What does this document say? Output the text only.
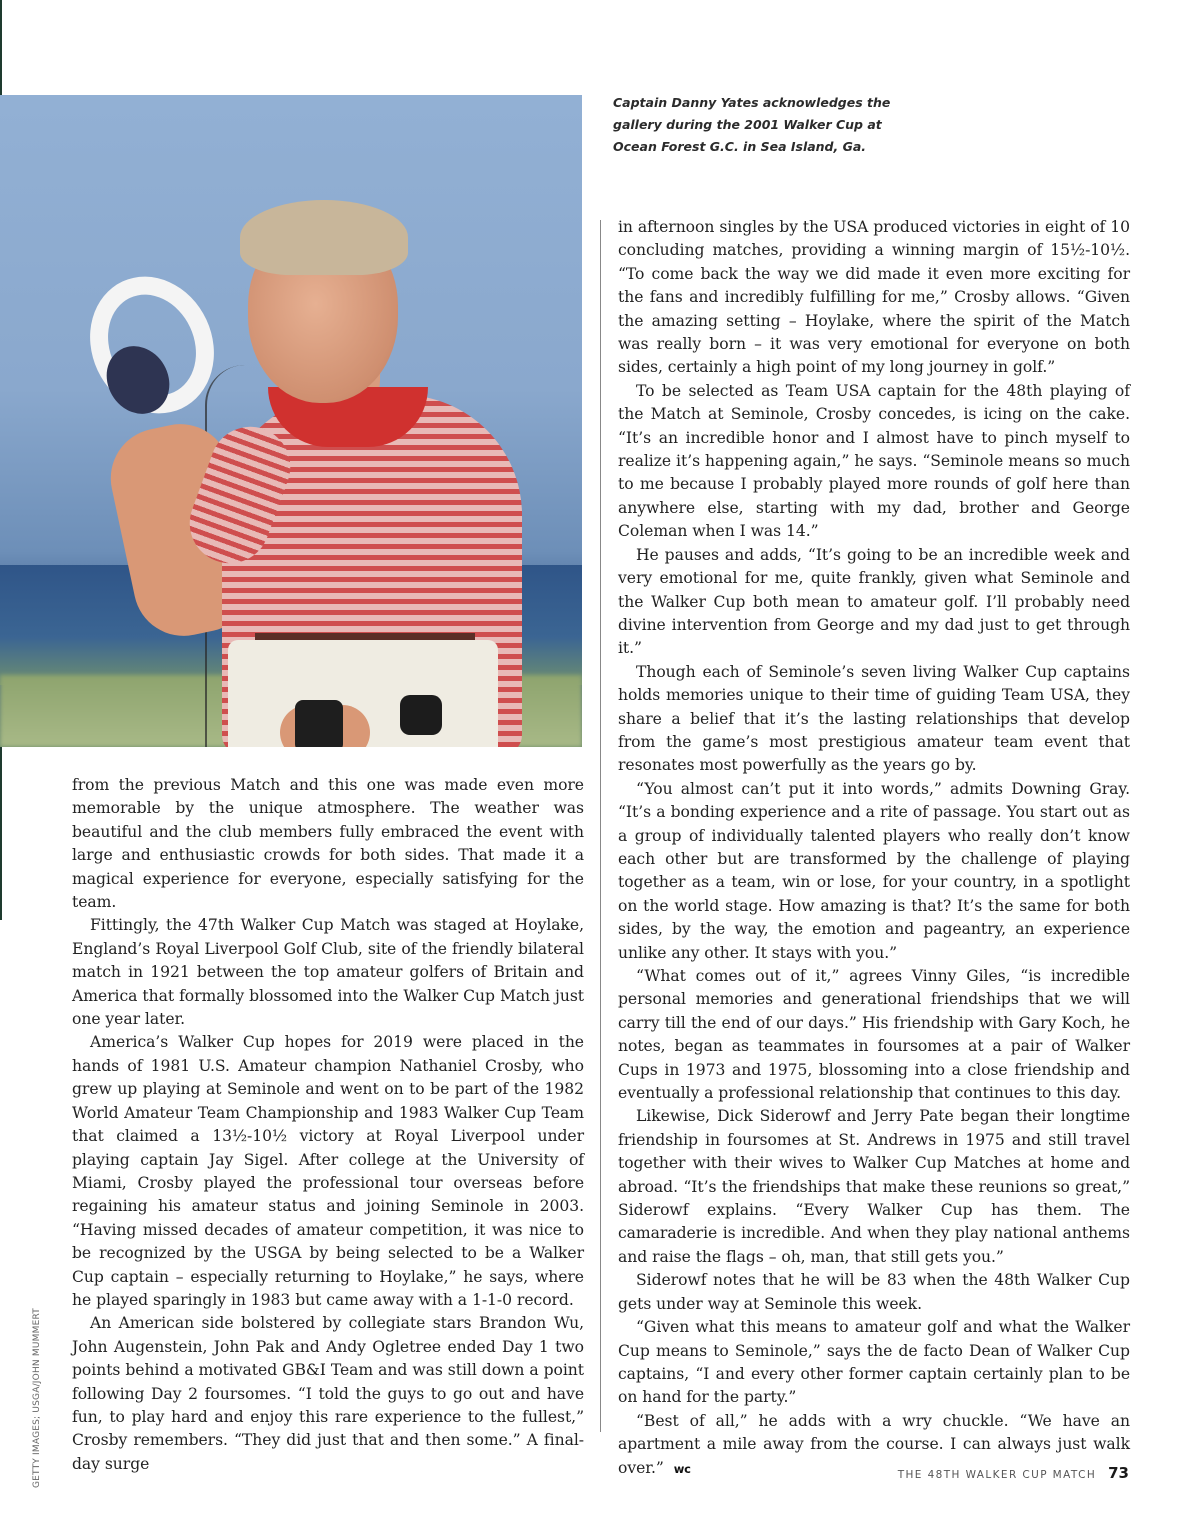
Captain Danny Yates acknowledges the gallery during the 2001 Walker Cup at Ocean Forest G.C. in Sea Island, Ga.

GETTY IMAGES; USGA/JOHN MUMMERT

from the previous Match and this one was made even more memorable by the unique atmosphere. The weather was beautiful and the club members fully embraced the event with large and enthusiastic crowds for both sides. That made it a magical experience for everyone, especially satisfying for the team.

Fittingly, the 47th Walker Cup Match was staged at Hoylake, England’s Royal Liverpool Golf Club, site of the friendly bilateral match in 1921 between the top amateur golfers of Britain and America that formally blossomed into the Walker Cup Match just one year later.

America’s Walker Cup hopes for 2019 were placed in the hands of 1981 U.S. Amateur champion Nathaniel Crosby, who grew up playing at Seminole and went on to be part of the 1982 World Amateur Team Championship and 1983 Walker Cup Team that claimed a 13½-10½ victory at Royal Liverpool under playing captain Jay Sigel. After college at the University of Miami, Crosby played the professional tour overseas before regaining his amateur status and joining Seminole in 2003. “Having missed decades of amateur competition, it was nice to be recognized by the USGA by being selected to be a Walker Cup captain – especially returning to Hoylake,” he says, where he played sparingly in 1983 but came away with a 1-1-0 record.

An American side bolstered by collegiate stars Brandon Wu, John Augenstein, John Pak and Andy Ogletree ended Day 1 two points behind a motivated GB&I Team and was still down a point following Day 2 foursomes. “I told the guys to go out and have fun, to play hard and enjoy this rare experience to the fullest,” Crosby remembers. “They did just that and then some.” A final-day surge

in afternoon singles by the USA produced victories in eight of 10 concluding matches, providing a winning margin of 15½-10½. “To come back the way we did made it even more exciting for the fans and incredibly fulfilling for me,” Crosby allows. “Given the amazing setting – Hoylake, where the spirit of the Match was really born – it was very emotional for everyone on both sides, certainly a high point of my long journey in golf.”

To be selected as Team USA captain for the 48th playing of the Match at Seminole, Crosby concedes, is icing on the cake. “It’s an incredible honor and I almost have to pinch myself to realize it’s happening again,” he says. “Seminole means so much to me because I probably played more rounds of golf here than anywhere else, starting with my dad, brother and George Coleman when I was 14.”

He pauses and adds, “It’s going to be an incredible week and very emotional for me, quite frankly, given what Seminole and the Walker Cup both mean to amateur golf. I’ll probably need divine intervention from George and my dad just to get through it.”

Though each of Seminole’s seven living Walker Cup captains holds memories unique to their time of guiding Team USA, they share a belief that it’s the lasting relationships that develop from the game’s most prestigious amateur team event that resonates most powerfully as the years go by.

“You almost can’t put it into words,” admits Downing Gray. “It’s a bonding experience and a rite of passage. You start out as a group of individually talented players who really don’t know each other but are transformed by the challenge of playing together as a team, win or lose, for your country, in a spotlight on the world stage. How amazing is that? It’s the same for both sides, by the way, the emotion and pageantry, an experience unlike any other. It stays with you.”

“What comes out of it,” agrees Vinny Giles, “is incredible personal memories and generational friendships that we will carry till the end of our days.” His friendship with Gary Koch, he notes, began as teammates in foursomes at a pair of Walker Cups in 1973 and 1975, blossoming into a close friendship and eventually a professional relationship that continues to this day.

Likewise, Dick Siderowf and Jerry Pate began their longtime friendship in foursomes at St. Andrews in 1975 and still travel together with their wives to Walker Cup Matches at home and abroad. “It’s the friendships that make these reunions so great,” Siderowf explains. “Every Walker Cup has them. The camaraderie is incredible. And when they play national anthems and raise the flags – oh, man, that still gets you.”

Siderowf notes that he will be 83 when the 48th Walker Cup gets under way at Seminole this week.

“Given what this means to amateur golf and what the Walker Cup means to Seminole,” says the de facto Dean of Walker Cup captains, “I and every other former captain certainly plan to be on hand for the party.”

“Best of all,” he adds with a wry chuckle. “We have an apartment a mile away from the course. I can always just walk over.” wc	THE 48TH WALKER CUP MATCH 73
